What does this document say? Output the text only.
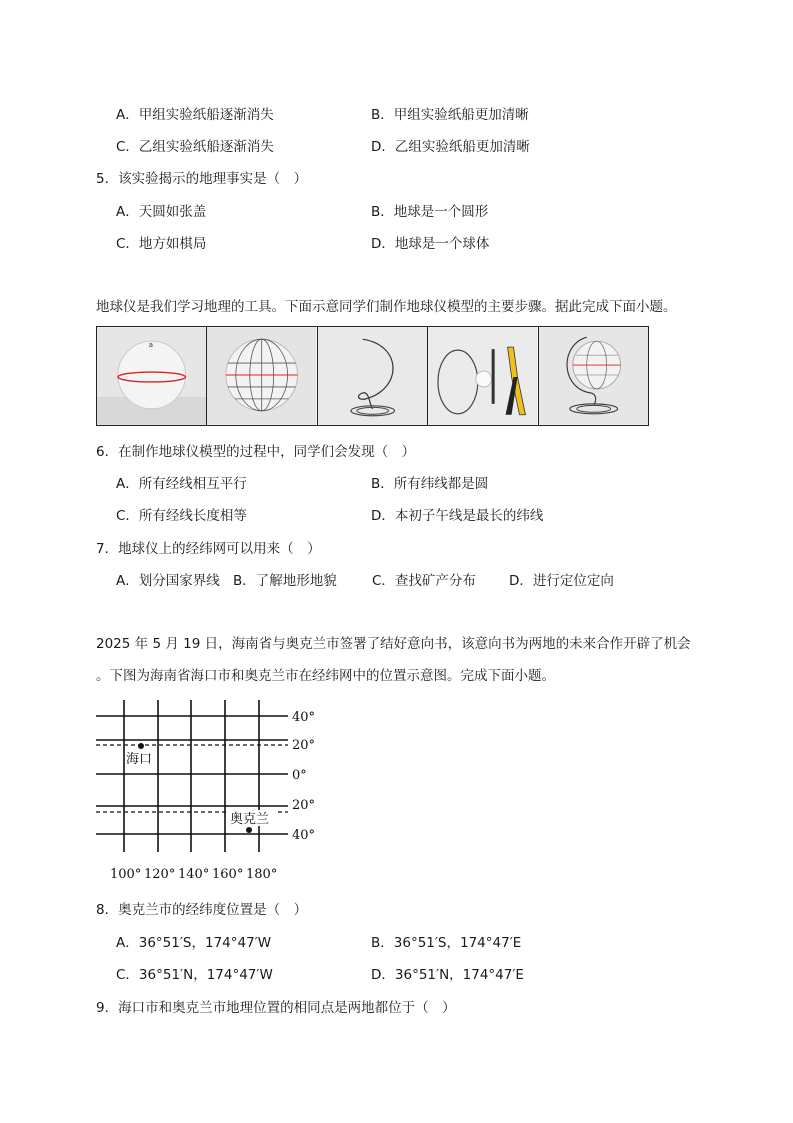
A．甲组实验纸船逐渐消失	B．甲组实验纸船更加清晰
C．乙组实验纸船逐渐消失	D．乙组实验纸船更加清晰
5．该实验揭示的地理事实是（　）
A．天圆如张盖	B．地球是一个圆形
C．地方如棋局	D．地球是一个球体
地球仪是我们学习地理的工具。下面示意同学们制作地球仪模型的主要步骤。据此完成下面小题。
a
6．在制作地球仪模型的过程中，同学们会发现（　）
A．所有经线相互平行	B．所有纬线都是圆
C．所有经线长度相等	D．本初子午线是最长的纬线
7．地球仪上的经纬网可以用来（　）
A．划分国家界线 B．了解地形地貌	C．查找矿产分布 D．进行定位定向
2025 年 5 月 19 日，海南省与奥克兰市签署了结好意向书，该意向书为两地的未来合作开辟了机会
。下图为海南省海口市和奥克兰市在经纬网中的位置示意图。完成下面小题。
40°
20°
0°
20°
40°
100° 120° 140° 160° 180°
海口
奥克兰
8．奥克兰市的经纬度位置是（　）
A．36°51′S，174°47′W	B．36°51′S，174°47′E
C．36°51′N，174°47′W	D．36°51′N，174°47′E
9．海口市和奥克兰市地理位置的相同点是两地都位于（　）
